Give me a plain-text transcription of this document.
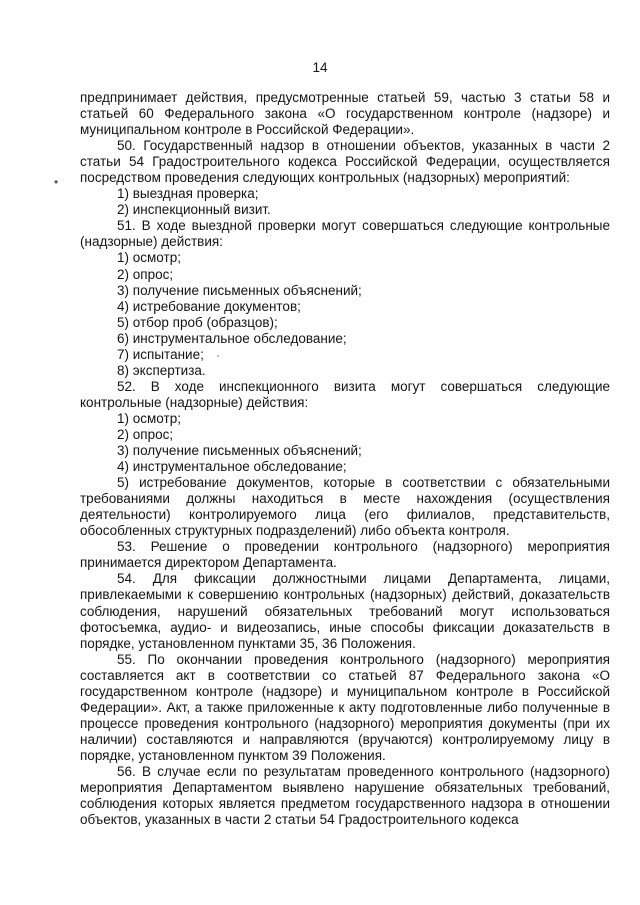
14
•
·

предпринимает действия, предусмотренные статьей 59, частью 3 статьи 58 и статьей 60 Федерального закона «О государственном контроле (надзоре) и муниципальном контроле в Российской Федерации».

50. Государственный надзор в отношении объектов, указанных в части 2 статьи 54 Градостроительного кодекса Российской Федерации, осуществляется посредством проведения следующих контрольных (надзорных) мероприятий:

1) выездная проверка;

2) инспекционный визит.

51. В ходе выездной проверки могут совершаться следующие контрольные (надзорные) действия:

1) осмотр;

2) опрос;

3) получение письменных объяснений;

4) истребование документов;

5) отбор проб (образцов);

6) инструментальное обследование;

7) испытание;

8) экспертиза.

52. В ходе инспекционного визита могут совершаться следующие контрольные (надзорные) действия:

1) осмотр;

2) опрос;

3) получение письменных объяснений;

4) инструментальное обследование;

5) истребование документов, которые в соответствии с обязательными требованиями должны находиться в месте нахождения (осуществления деятельности) контролируемого лица (его филиалов, представительств, обособленных структурных подразделений) либо объекта контроля.

53. Решение о проведении контрольного (надзорного) мероприятия принимается директором Департамента.

54. Для фиксации должностными лицами Департамента, лицами, привлекаемыми к совершению контрольных (надзорных) действий, доказательств соблюдения, нарушений обязательных требований могут использоваться фотосъемка, аудио- и видеозапись, иные способы фиксации доказательств в порядке, установленном пунктами 35, 36 Положения.

55. По окончании проведения контрольного (надзорного) мероприятия составляется акт в соответствии со статьей 87 Федерального закона «О государственном контроле (надзоре) и муниципальном контроле в Российской Федерации». Акт, а также приложенные к акту подготовленные либо полученные в процессе проведения контрольного (надзорного) мероприятия документы (при их наличии) составляются и направляются (вручаются) контролируемому лицу в порядке, установленном пунктом 39 Положения.

56. В случае если по результатам проведенного контрольного (надзорного) мероприятия Департаментом выявлено нарушение обязательных требований, соблюдения которых является предметом государственного надзора в отношении объектов, указанных в части 2 статьи 54 Градостроительного кодекса
